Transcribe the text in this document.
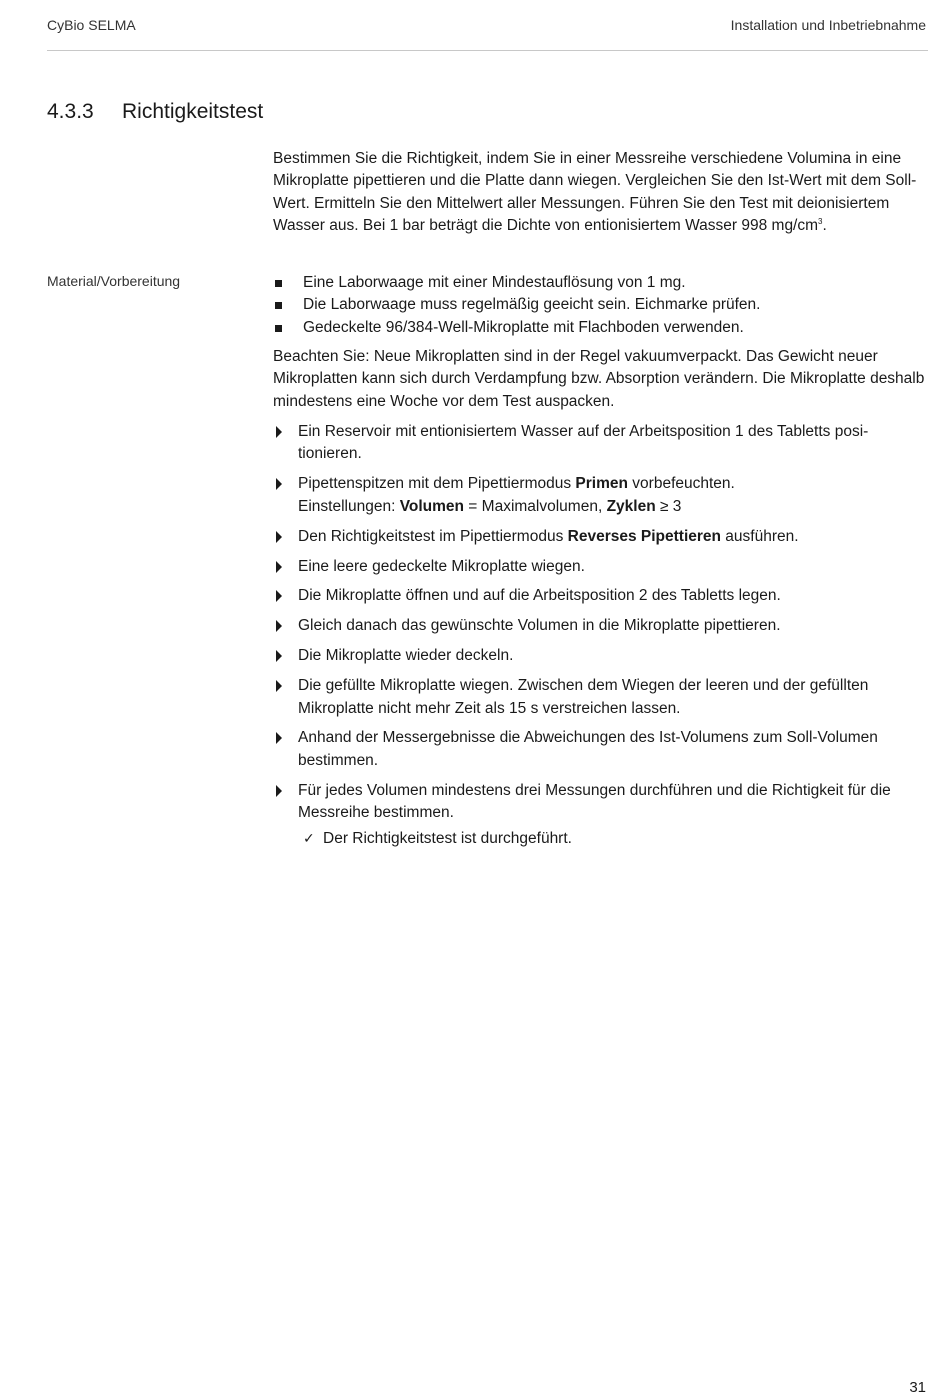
CyBio SELMA	Installation und Inbetriebnahme
4.3.3 Richtigkeitstest
Bestimmen Sie die Richtigkeit, indem Sie in einer Messreihe verschiedene Volumina in eine Mikroplatte pipettieren und die Platte dann wiegen. Vergleichen Sie den Ist-Wert mit dem Soll-Wert. Ermitteln Sie den Mittelwert aller Messungen. Führen Sie den Test mit deionisiertem Wasser aus. Bei 1 bar beträgt die Dichte von entionisiertem Wasser 998 $mg/cm^3$.
Material/Vorbereitung	Eine Laborwaage mit einer Mindestauflösung von 1 mg.
Die Laborwaage muss regelmäßig geeicht sein. Eichmarke prüfen.
Gedeckelte 96/384-Well-Mikroplatte mit Flachboden verwenden.
Beachten Sie: Neue Mikroplatten sind in der Regel vakuumverpackt. Das Gewicht neuer Mikroplatten kann sich durch Verdampfung bzw. Absorption verändern. Die Mikroplatte deshalb mindestens eine Woche vor dem Test auspacken.
Ein Reservoir mit entionisiertem Wasser auf der Arbeitsposition 1 des Tabletts posi-tionieren.
Pipettenspitzen mit dem Pipettiermodus Primen vorbefeuchten.
Einstellungen: Volumen = Maximalvolumen, Zyklen ≥ 3
Den Richtigkeitstest im Pipettiermodus Reverses Pipettieren ausführen.
Eine leere gedeckelte Mikroplatte wiegen.
Die Mikroplatte öffnen und auf die Arbeitsposition 2 des Tabletts legen.
Gleich danach das gewünschte Volumen in die Mikroplatte pipettieren.
Die Mikroplatte wieder deckeln.
Die gefüllte Mikroplatte wiegen. Zwischen dem Wiegen der leeren und der gefüllten Mikroplatte nicht mehr Zeit als 15 s verstreichen lassen.
Anhand der Messergebnisse die Abweichungen des Ist-Volumens zum Soll-Volumen bestimmen.
Für jedes Volumen mindestens drei Messungen durchführen und die Richtigkeit für die Messreihe bestimmen.
✓ Der Richtigkeitstest ist durchgeführt.
31
